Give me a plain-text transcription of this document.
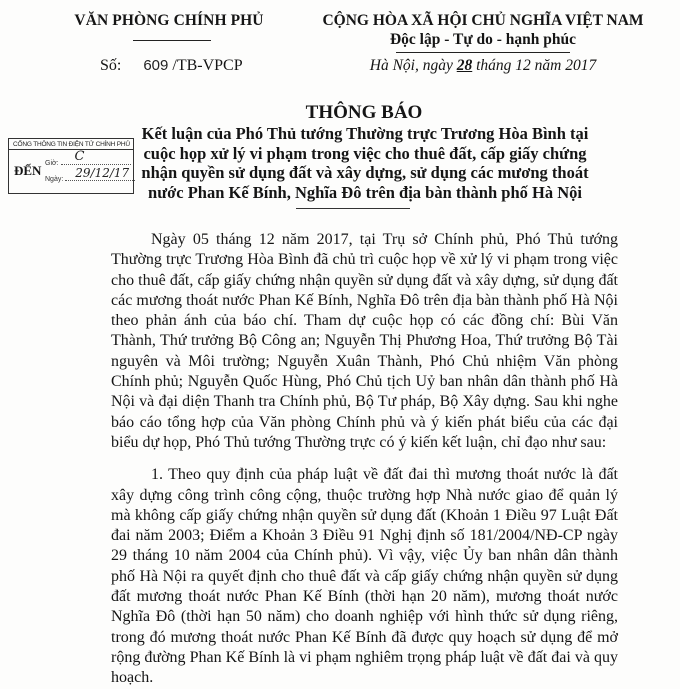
VĂN PHÒNG CHÍNH PHỦ
Số: 609 /TB-VPCP
CỘNG HÒA XÃ HỘI CHỦ NGHĨA VIỆT NAM
Độc lập - Tự do - hạnh phúc
Hà Nội, ngày 28 tháng 12 năm 2017
THÔNG BÁO
CỔNG THÔNG TIN ĐIỆN TỬ CHÍNH PHỦ
ĐẾN Giờ: C
Ngày: 29/12/17
Kết luận của Phó Thủ tướng Thường trực Trương Hòa Bình tại cuộc họp xử lý vi phạm trong việc cho thuê đất, cấp giấy chứng nhận quyền sử dụng đất và xây dựng, sử dụng các mương thoát nước Phan Kế Bính, Nghĩa Đô trên địa bàn thành phố Hà Nội

Ngày 05 tháng 12 năm 2017, tại Trụ sở Chính phủ, Phó Thủ tướng Thường trực Trương Hòa Bình đã chủ trì cuộc họp về xử lý vi phạm trong việc cho thuê đất, cấp giấy chứng nhận quyền sử dụng đất và xây dựng, sử dụng đất các mương thoát nước Phan Kế Bính, Nghĩa Đô trên địa bàn thành phố Hà Nội theo phản ánh của báo chí. Tham dự cuộc họp có các đồng chí: Bùi Văn Thành, Thứ trưởng Bộ Công an; Nguyễn Thị Phương Hoa, Thứ trưởng Bộ Tài nguyên và Môi trường; Nguyễn Xuân Thành, Phó Chủ nhiệm Văn phòng Chính phủ; Nguyễn Quốc Hùng, Phó Chủ tịch Uỷ ban nhân dân thành phố Hà Nội và đại diện Thanh tra Chính phủ, Bộ Tư pháp, Bộ Xây dựng. Sau khi nghe báo cáo tổng hợp của Văn phòng Chính phủ và ý kiến phát biểu của các đại biểu dự họp, Phó Thủ tướng Thường trực có ý kiến kết luận, chỉ đạo như sau:

1. Theo quy định của pháp luật về đất đai thì mương thoát nước là đất xây dựng công trình công cộng, thuộc trường hợp Nhà nước giao để quản lý mà không cấp giấy chứng nhận quyền sử dụng đất (Khoản 1 Điều 97 Luật Đất đai năm 2003; Điểm a Khoản 3 Điều 91 Nghị định số 181/2004/NĐ-CP ngày 29 tháng 10 năm 2004 của Chính phủ). Vì vậy, việc Ủy ban nhân dân thành phố Hà Nội ra quyết định cho thuê đất và cấp giấy chứng nhận quyền sử dụng đất mương thoát nước Phan Kế Bính (thời hạn 20 năm), mương thoát nước Nghĩa Đô (thời hạn 50 năm) cho doanh nghiệp với hình thức sử dụng riêng, trong đó mương thoát nước Phan Kế Bính đã được quy hoạch sử dụng để mở rộng đường Phan Kế Bính là vi phạm nghiêm trọng pháp luật về đất đai và quy hoạch.
